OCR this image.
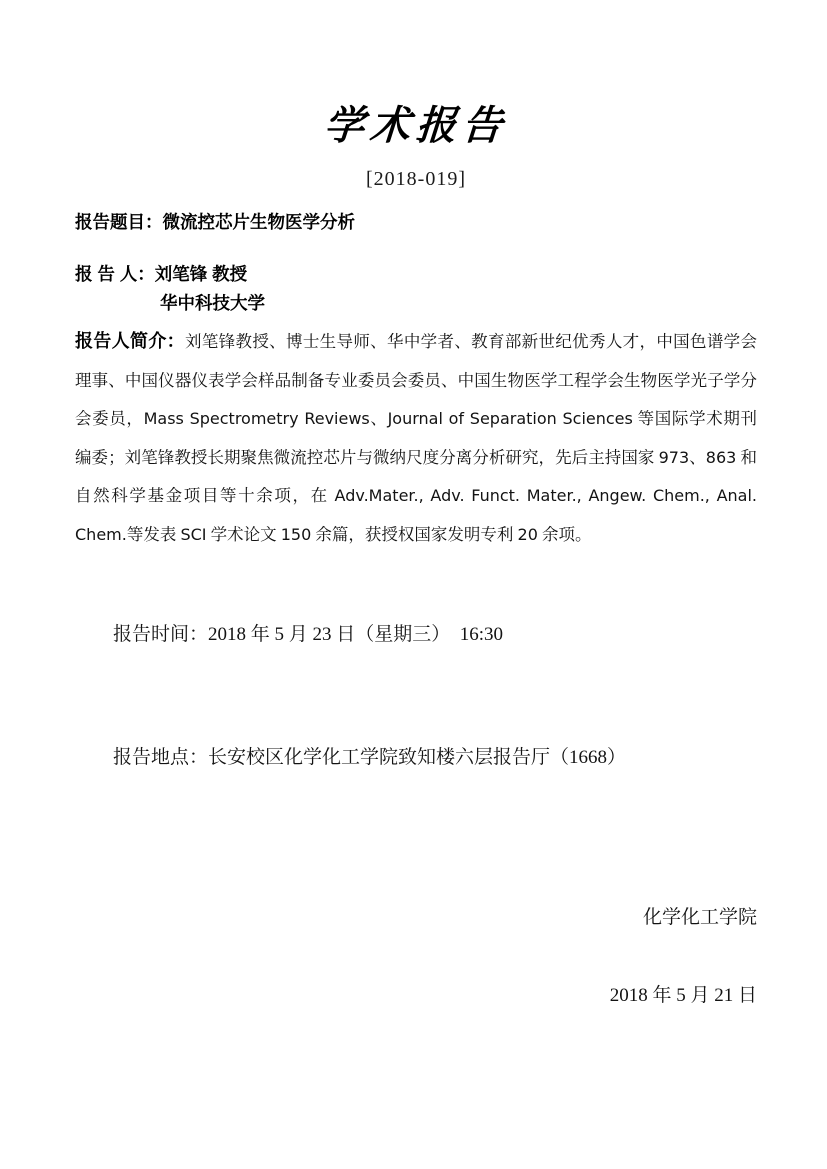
学术报告
[2018-019]
报告题目：微流控芯片生物医学分析
报 告 人：刘笔锋 教授
华中科技大学

报告人简介：刘笔锋教授、博士生导师、华中学者、教育部新世纪优秀人才，中国色谱学会理事、中国仪器仪表学会样品制备专业委员会委员、中国生物医学工程学会生物医学光子学分会委员，Mass Spectrometry Reviews、Journal of Separation Sciences 等国际学术期刊编委；刘笔锋教授长期聚焦微流控芯片与微纳尺度分离分析研究，先后主持国家 973、863 和自然科学基金项目等十余项，在 Adv.Mater., Adv. Funct. Mater., Angew. Chem., Anal. Chem.等发表 SCI 学术论文 150 余篇，获授权国家发明专利 20 余项。

报告时间：2018 年 5 月 23 日（星期三）  16:30

报告地点：长安校区化学化工学院致知楼六层报告厅（1668）

化学化工学院

2018 年 5 月 21 日
